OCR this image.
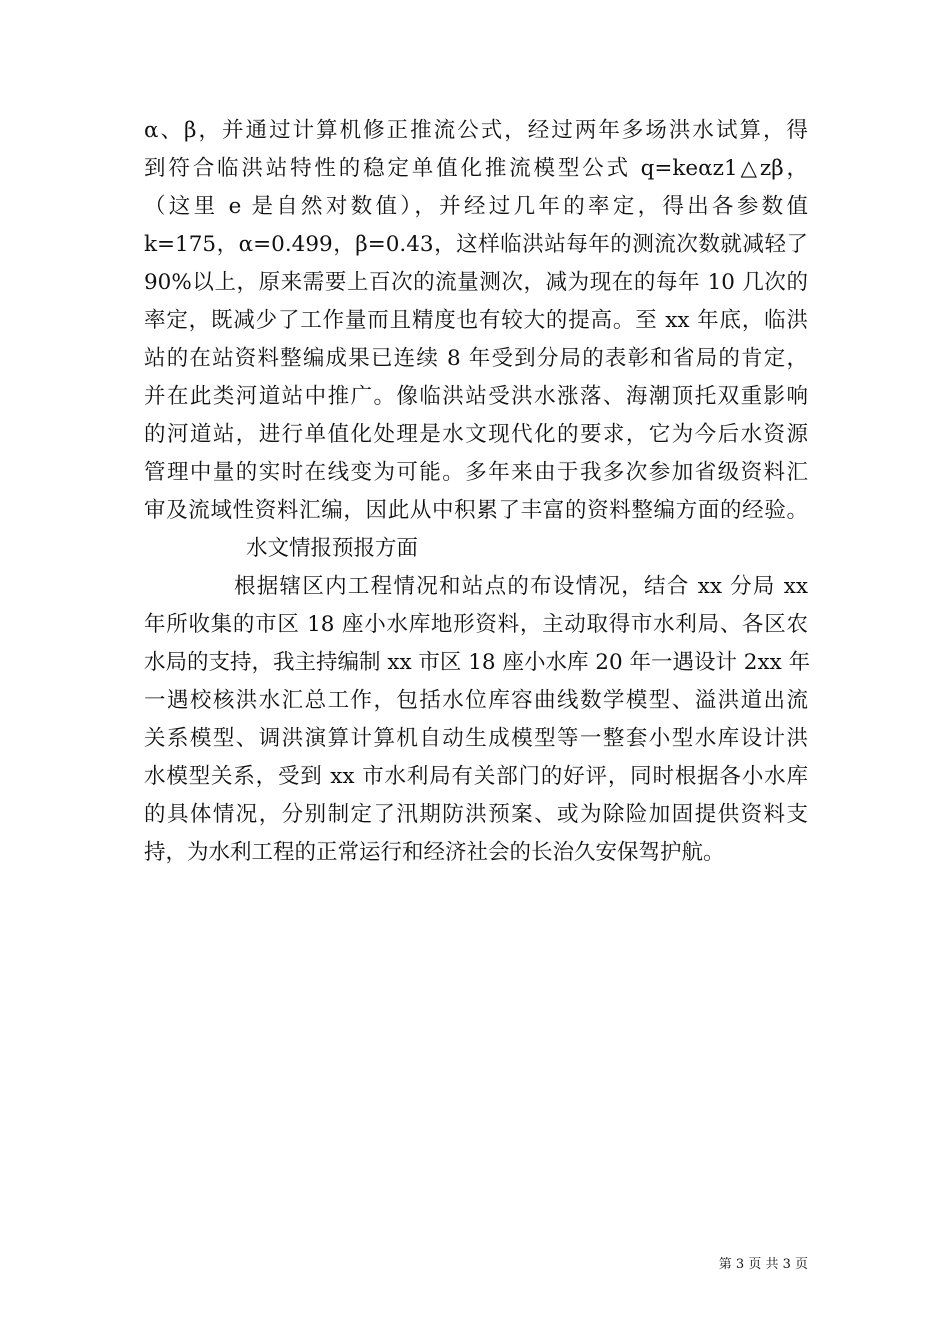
α、β，并通过计算机修正推流公式，经过两年多场洪水试算，得
到符合临洪站特性的稳定单值化推流模型公式 q=keαz1△zβ，
（这里 e 是自然对数值），并经过几年的率定，得出各参数值
k=175，α=0.499，β=0.43，这样临洪站每年的测流次数就减轻了
90%以上，原来需要上百次的流量测次，减为现在的每年 10 几次的
率定，既减少了工作量而且精度也有较大的提高。至 xx 年底，临洪
站的在站资料整编成果已连续 8 年受到分局的表彰和省局的肯定，
并在此类河道站中推广。像临洪站受洪水涨落、海潮顶托双重影响
的河道站，进行单值化处理是水文现代化的要求，它为今后水资源
管理中量的实时在线变为可能。多年来由于我多次参加省级资料汇
审及流域性资料汇编，因此从中积累了丰富的资料整编方面的经验。
水文情报预报方面
根据辖区内工程情况和站点的布设情况，结合 xx 分局 xx
年所收集的市区 18 座小水库地形资料，主动取得市水利局、各区农
水局的支持，我主持编制 xx 市区 18 座小水库 20 年一遇设计 2xx 年
一遇校核洪水汇总工作，包括水位库容曲线数学模型、溢洪道出流
关系模型、调洪演算计算机自动生成模型等一整套小型水库设计洪
水模型关系，受到 xx 市水利局有关部门的好评，同时根据各小水库
的具体情况，分别制定了汛期防洪预案、或为除险加固提供资料支
持，为水利工程的正常运行和经济社会的长治久安保驾护航。
第 3 页 共 3 页
